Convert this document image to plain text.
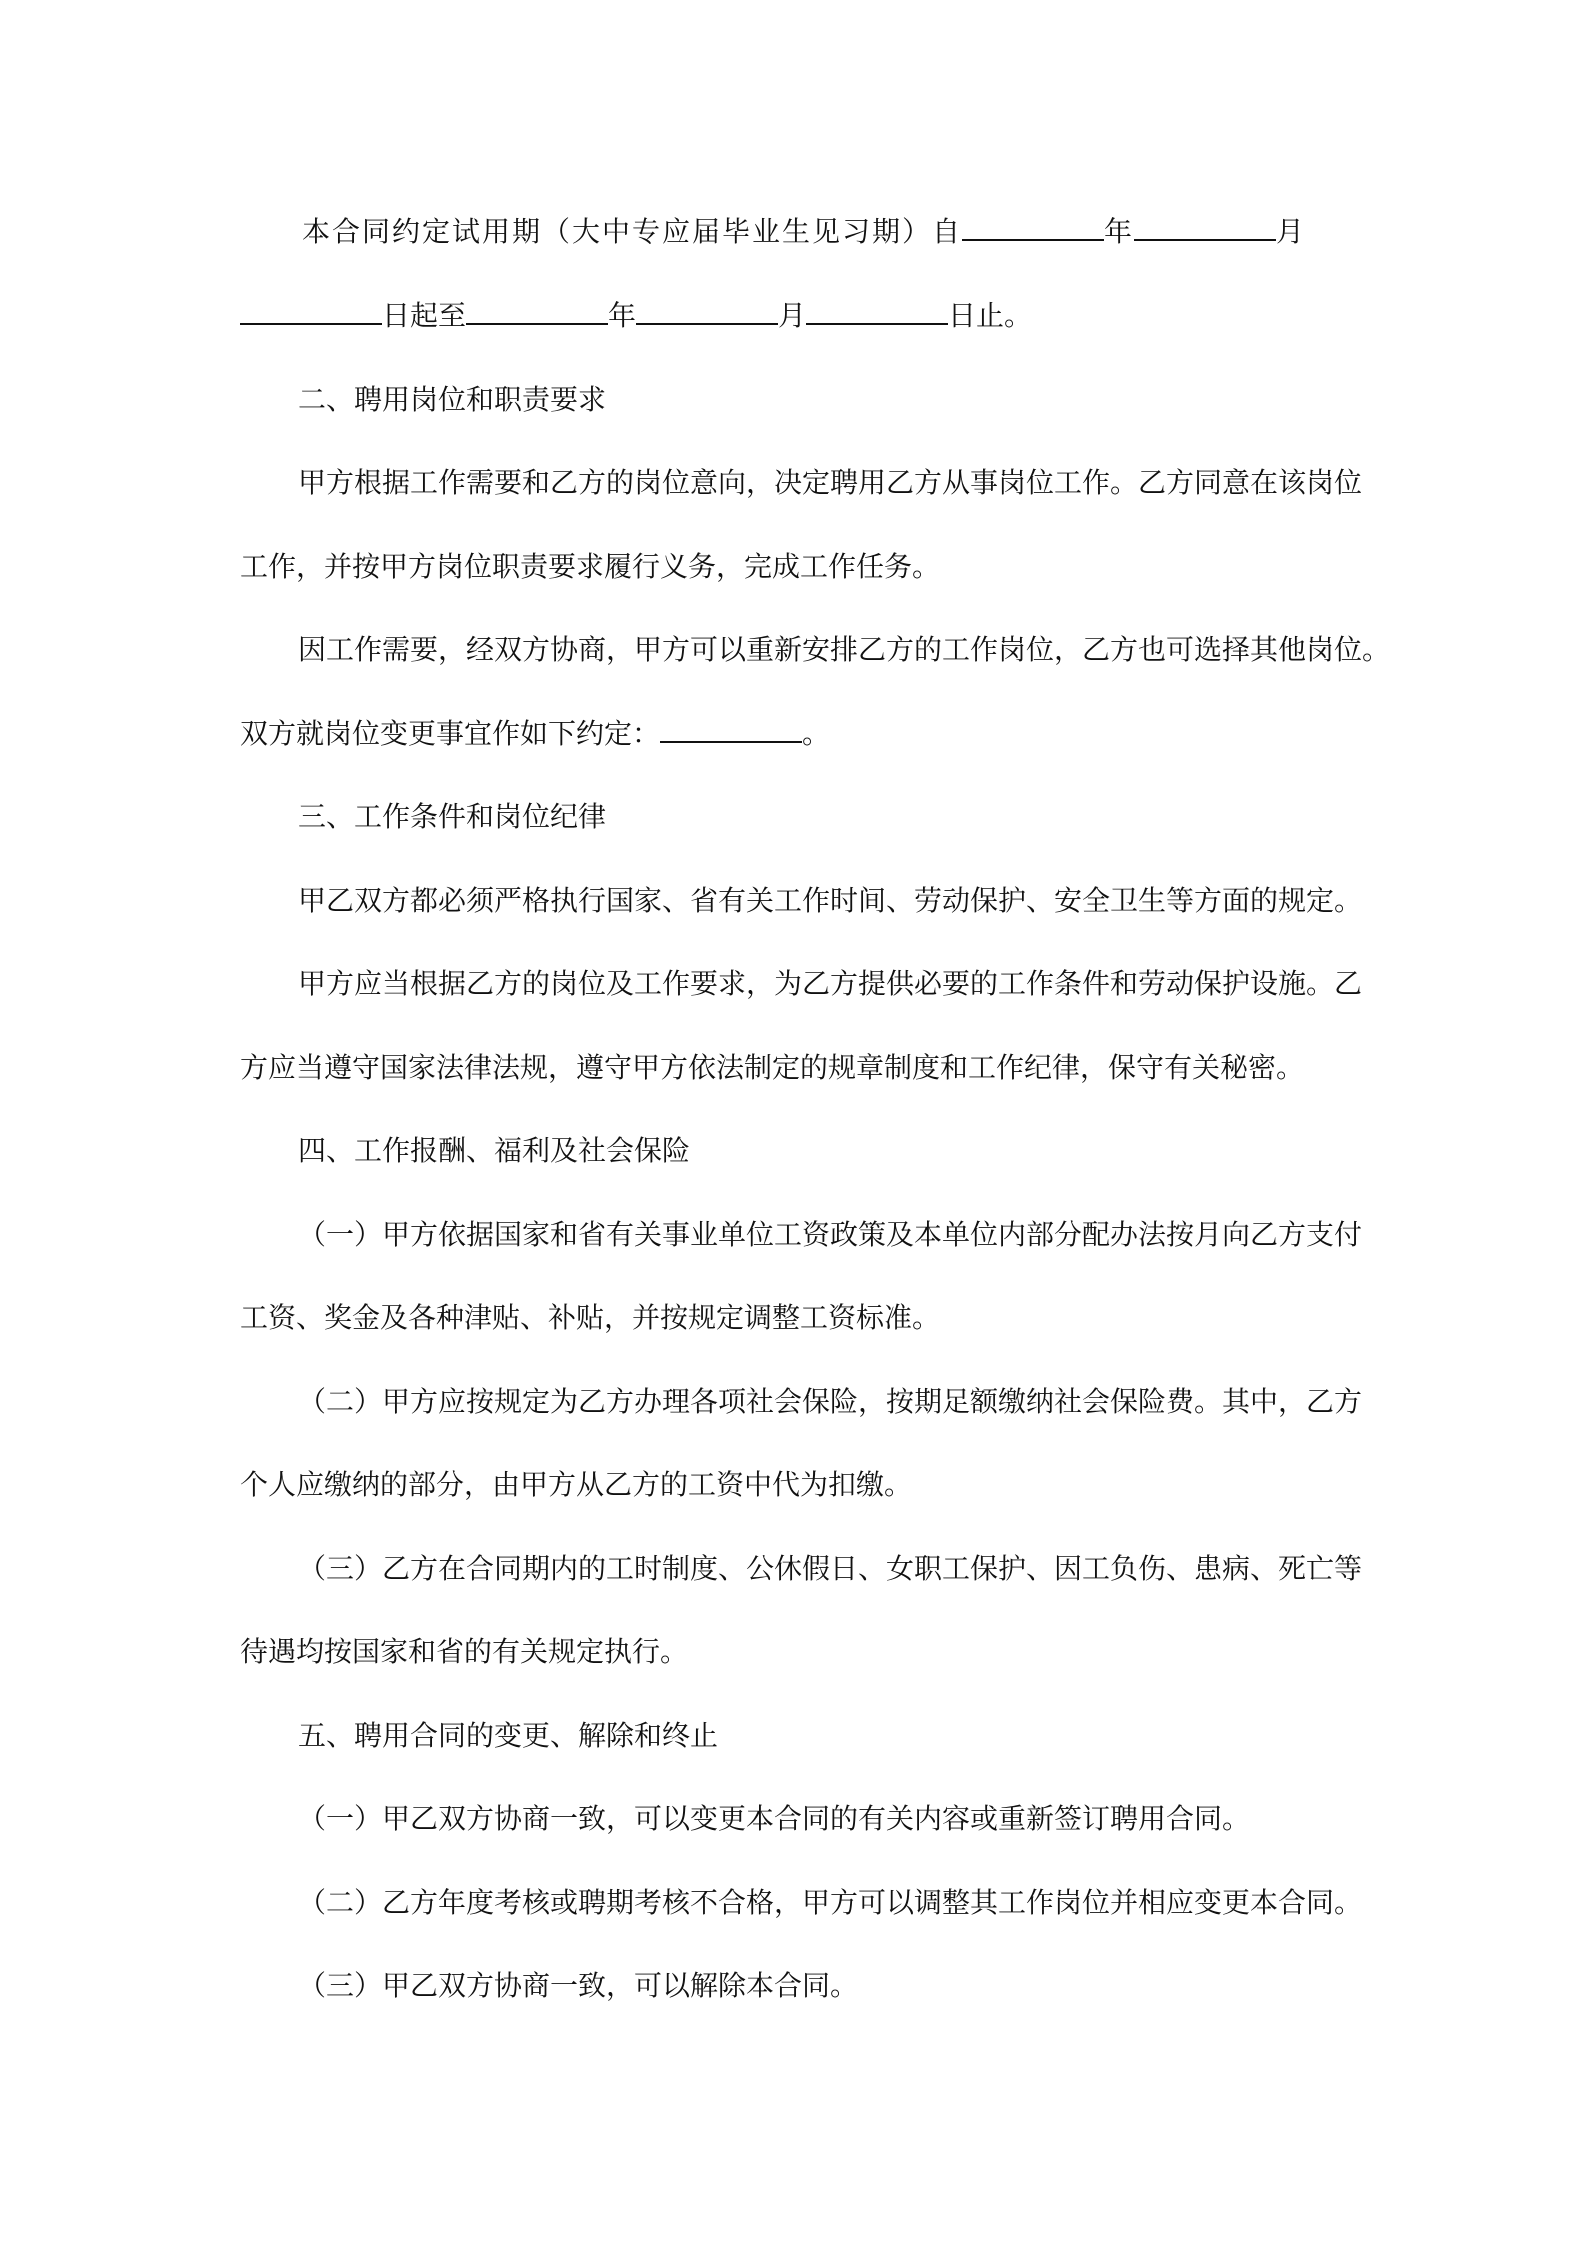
本合同约定试用期（大中专应届毕业生见习期）自	年	月
日起至	年	月	日止。
二、聘用岗位和职责要求
甲方根据工作需要和乙方的岗位意向，决定聘用乙方从事岗位工作。乙方同意在该岗位
工作，并按甲方岗位职责要求履行义务，完成工作任务。
因工作需要，经双方协商，甲方可以重新安排乙方的工作岗位，乙方也可选择其他岗位。
双方就岗位变更事宜作如下约定：	。
三、工作条件和岗位纪律
甲乙双方都必须严格执行国家、省有关工作时间、劳动保护、安全卫生等方面的规定。
甲方应当根据乙方的岗位及工作要求，为乙方提供必要的工作条件和劳动保护设施。乙
方应当遵守国家法律法规，遵守甲方依法制定的规章制度和工作纪律，保守有关秘密。
四、工作报酬、福利及社会保险
（一）甲方依据国家和省有关事业单位工资政策及本单位内部分配办法按月向乙方支付
工资、奖金及各种津贴、补贴，并按规定调整工资标准。
（二）甲方应按规定为乙方办理各项社会保险，按期足额缴纳社会保险费。其中，乙方
个人应缴纳的部分，由甲方从乙方的工资中代为扣缴。
（三）乙方在合同期内的工时制度、公休假日、女职工保护、因工负伤、患病、死亡等
待遇均按国家和省的有关规定执行。
五、聘用合同的变更、解除和终止
（一）甲乙双方协商一致，可以变更本合同的有关内容或重新签订聘用合同。
（二）乙方年度考核或聘期考核不合格，甲方可以调整其工作岗位并相应变更本合同。
（三）甲乙双方协商一致，可以解除本合同。
